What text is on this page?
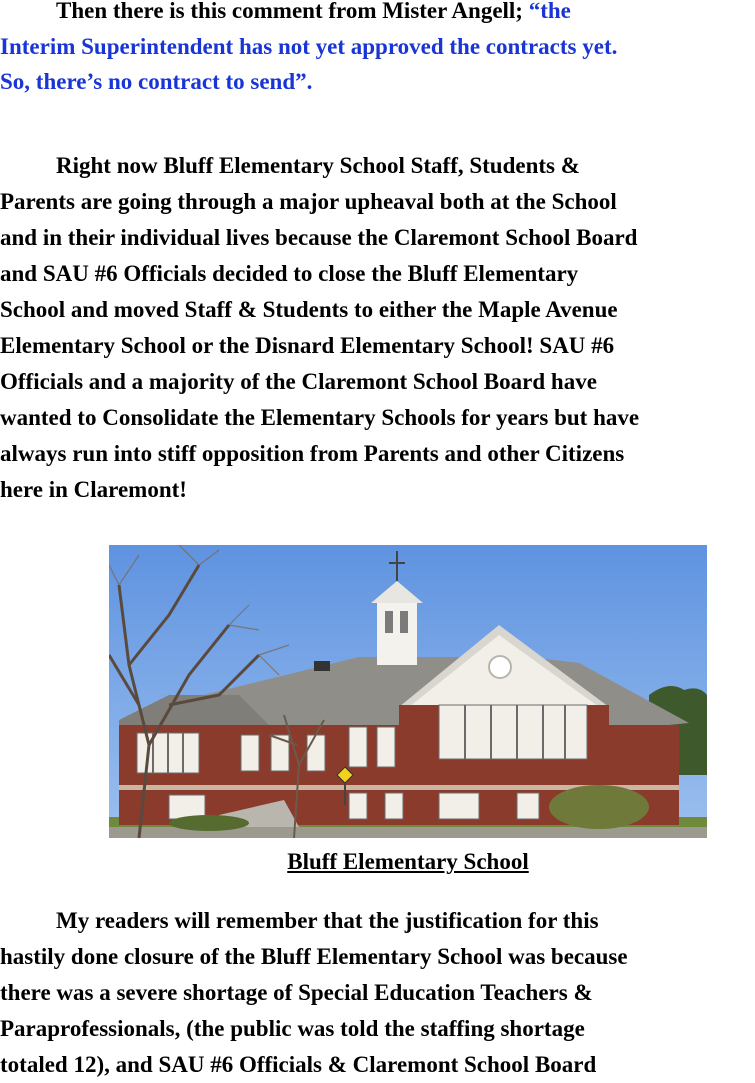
Then there is this comment from Mister Angell; “the

Interim Superintendent has not yet approved the contracts yet.

So, there’s no contract to send”.

Right now Bluff Elementary School Staff, Students &

Parents are going through a major upheaval both at the School

and in their individual lives because the Claremont School Board

and SAU #6 Officials decided to close the Bluff Elementary

School and moved Staff & Students to either the Maple Avenue

Elementary School or the Disnard Elementary School! SAU #6

Officials and a majority of the Claremont School Board have

wanted to Consolidate the Elementary Schools for years but have

always run into stiff opposition from Parents and other Citizens

here in Claremont!

Bluff Elementary School

My readers will remember that the justification for this

hastily done closure of the Bluff Elementary School was because

there was a severe shortage of Special Education Teachers &

Paraprofessionals, (the public was told the staffing shortage

totaled 12), and SAU #6 Officials & Claremont School Board
